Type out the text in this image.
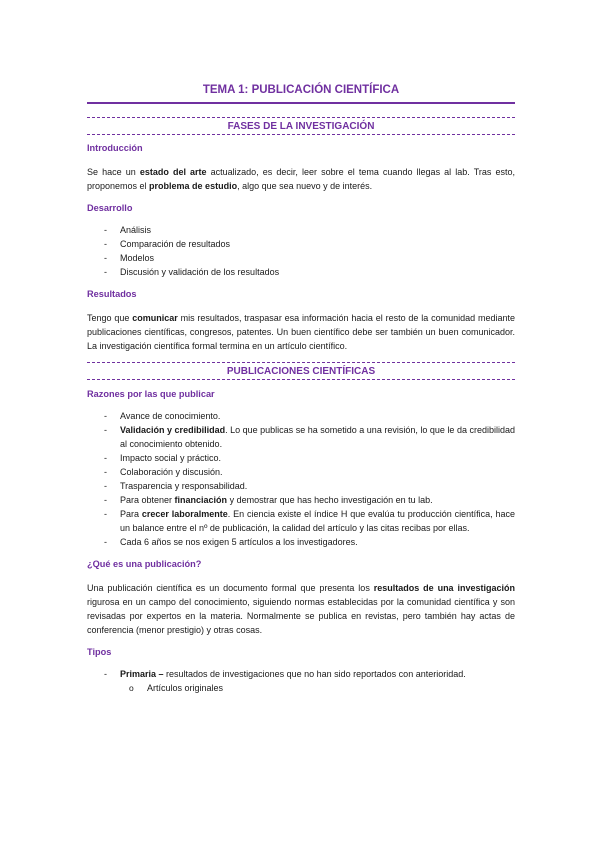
TEMA 1: PUBLICACIÓN CIENTÍFICA
FASES DE LA INVESTIGACIÓN
Introducción

Se hace un estado del arte actualizado, es decir, leer sobre el tema cuando llegas al lab. Tras esto, proponemos el problema de estudio, algo que sea nuevo y de interés.

Desarrollo
- Análisis
- Comparación de resultados
- Modelos
- Discusión y validación de los resultados
Resultados

Tengo que comunicar mis resultados, traspasar esa información hacia el resto de la comunidad mediante publicaciones científicas, congresos, patentes. Un buen científico debe ser también un buen comunicador. La investigación científica formal termina en un artículo científico.

PUBLICACIONES CIENTÍFICAS
Razones por las que publicar
- Avance de conocimiento.
- Validación y credibilidad. Lo que publicas se ha sometido a una revisión, lo que le da credibilidad al conocimiento obtenido.
- Impacto social y práctico.
- Colaboración y discusión.
- Trasparencia y responsabilidad.
- Para obtener financiación y demostrar que has hecho investigación en tu lab.
- Para crecer laboralmente. En ciencia existe el índice H que evalúa tu producción científica, hace un balance entre el nº de publicación, la calidad del artículo y las citas recibas por ellas.
- Cada 6 años se nos exigen 5 artículos a los investigadores.
¿Qué es una publicación?

Una publicación científica es un documento formal que presenta los resultados de una investigación rigurosa en un campo del conocimiento, siguiendo normas establecidas por la comunidad científica y son revisadas por expertos en la materia. Normalmente se publica en revistas, pero también hay actas de conferencia (menor prestigio) y otras cosas.

Tipos
- Primaria – resultados de investigaciones que no han sido reportados con anterioridad.
o Artículos originales
